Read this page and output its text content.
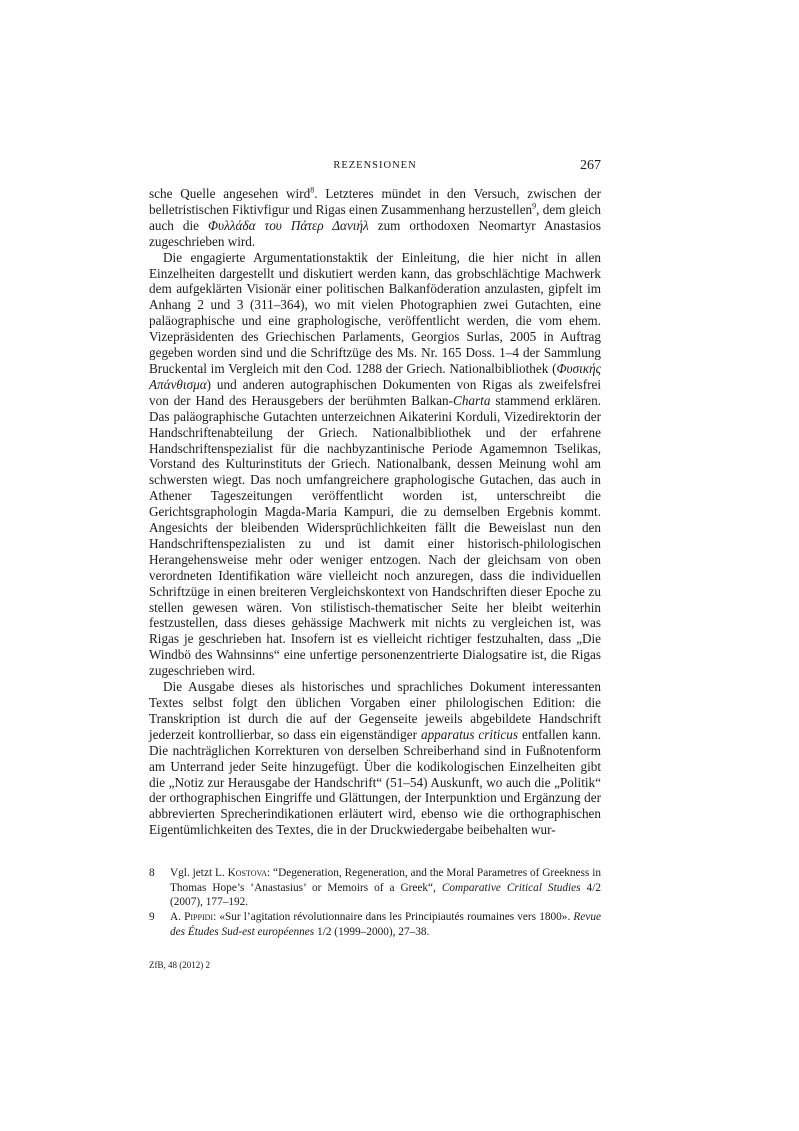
REZENSIONEN	267

sche Quelle angesehen wird$^8$. Letzteres mündet in den Versuch, zwischen der belletristischen Fiktivfigur und Rigas einen Zusammenhang herzustellen$^9$, dem gleich auch die Φυλλάδα του Πάτερ Δανιήλ zum orthodoxen Neomartyr Anastasios zugeschrieben wird.

Die engagierte Argumentationstaktik der Einleitung, die hier nicht in allen Einzelheiten dargestellt und diskutiert werden kann, das grobschlächtige Machwerk dem aufgeklärten Visionär einer politischen Balkanföderation anzulasten, gipfelt im Anhang 2 und 3 (311–364), wo mit vielen Photographien zwei Gutachten, eine paläographische und eine graphologische, veröffentlicht werden, die vom ehem. Vizepräsidenten des Griechischen Parlaments, Georgios Surlas, 2005 in Auftrag gegeben worden sind und die Schriftzüge des Ms. Nr. 165 Doss. 1–4 der Sammlung Bruckental im Vergleich mit den Cod. 1288 der Griech. Nationalbibliothek (Φυσικής Απάνθισμα) und anderen autographischen Dokumenten von Rigas als zweifelsfrei von der Hand des Herausgebers der berühmten Balkan-Charta stammend erklären. Das paläographische Gutachten unterzeichnen Aikaterini Korduli, Vizedirektorin der Handschriftenabteilung der Griech. Nationalbibliothek und der erfahrene Handschriftenspezialist für die nachbyzantinische Periode Agamemnon Tselikas, Vorstand des Kulturinstituts der Griech. Nationalbank, dessen Meinung wohl am schwersten wiegt. Das noch umfangreichere graphologische Gutachen, das auch in Athener Tageszeitungen veröffentlicht worden ist, unterschreibt die Gerichtsgraphologin Magda-Maria Kampuri, die zu demselben Ergebnis kommt. Angesichts der bleibenden Widersprüchlichkeiten fällt die Beweislast nun den Handschriftenspezialisten zu und ist damit einer historisch-philologischen Herangehensweise mehr oder weniger entzogen. Nach der gleichsam von oben verordneten Identifikation wäre vielleicht noch anzuregen, dass die individuellen Schriftzüge in einen breiteren Vergleichskontext von Handschriften dieser Epoche zu stellen gewesen wären. Von stilistisch-thematischer Seite her bleibt weiterhin festzustellen, dass dieses gehässige Machwerk mit nichts zu vergleichen ist, was Rigas je geschrieben hat. Insofern ist es vielleicht richtiger festzuhalten, dass „Die Windbö des Wahnsinns“ eine unfertige personenzentrierte Dialogsatire ist, die Rigas zugeschrieben wird.

Die Ausgabe dieses als historisches und sprachliches Dokument interessanten Textes selbst folgt den üblichen Vorgaben einer philologischen Edition: die Transkription ist durch die auf der Gegenseite jeweils abgebildete Handschrift jederzeit kontrollierbar, so dass ein eigenständiger apparatus criticus entfallen kann. Die nachträglichen Korrekturen von derselben Schreiberhand sind in Fußnotenform am Unterrand jeder Seite hinzugefügt. Über die kodikologischen Einzelheiten gibt die „Notiz zur Herausgabe der Handschrift“ (51–54) Auskunft, wo auch die „Politik“ der orthographischen Eingriffe und Glättungen, der Interpunktion und Ergänzung der abbrevierten Sprecherindikationen erläutert wird, ebenso wie die orthographischen Eigentümlichkeiten des Textes, die in der Druckwiedergabe beibehalten wur-

8 Vgl. jetzt L. Kostova: “Degeneration, Regeneration, and the Moral Parametres of Greekness in Thomas Hope’s ‘Anastasius’ or Memoirs of a Greek“, Comparative Critical Studies 4/2 (2007), 177–192.
9 A. Pippidi: «Sur l’agitation révolutionnaire dans les Principiautés roumaines vers 1800». Revue des Études Sud-est européennes 1/2 (1999–2000), 27–38.
ZfB, 48 (2012) 2
